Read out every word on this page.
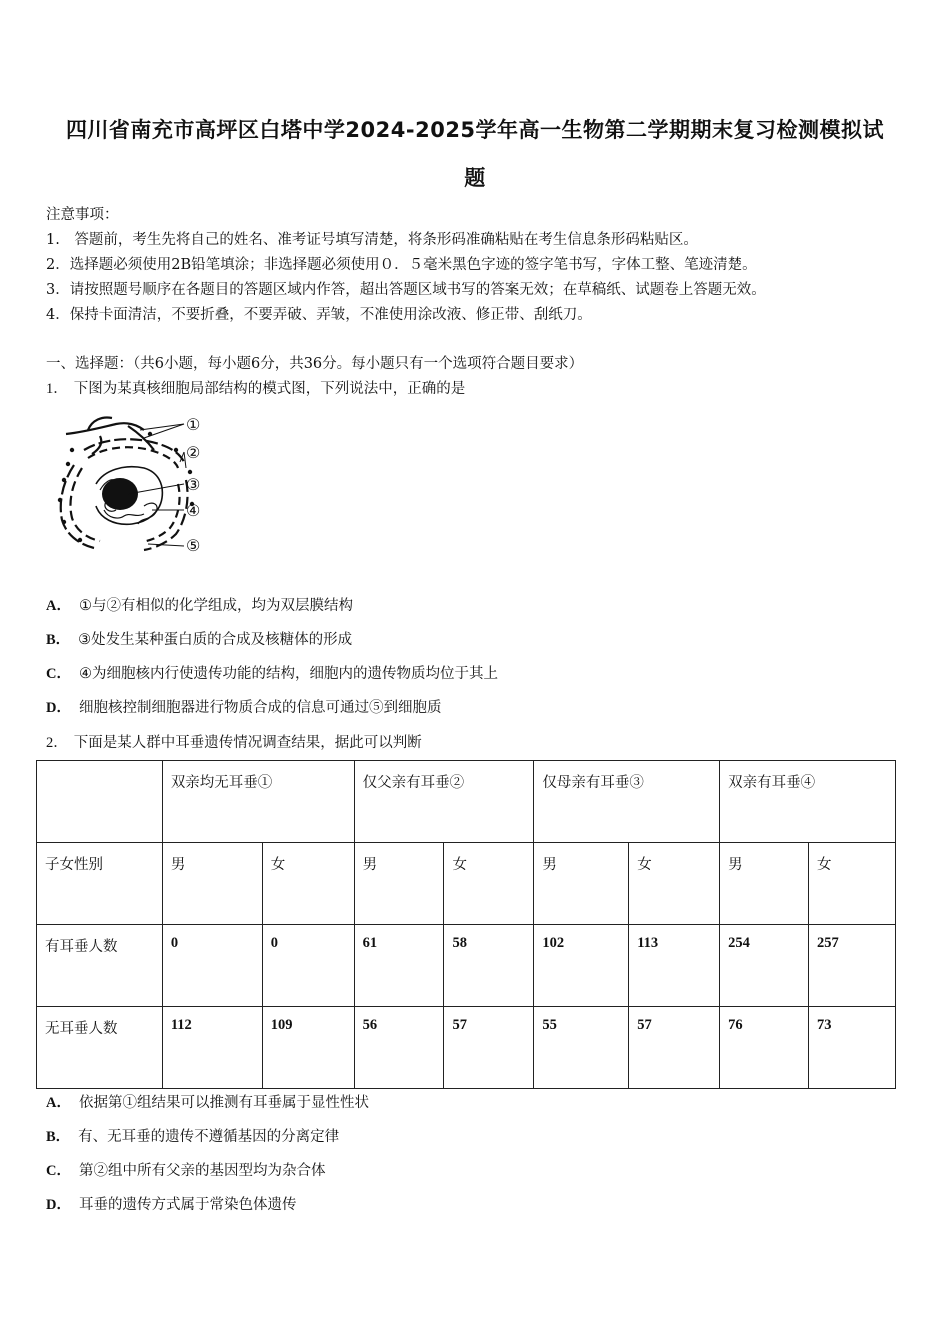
四川省南充市高坪区白塔中学2024-2025学年高一生物第二学期期末复习检测模拟试
题
注意事项：
1.　答题前，考生先将自己的姓名、准考证号填写清楚，将条形码准确粘贴在考生信息条形码粘贴区。
2．选择题必须使用2B铅笔填涂；非选择题必须使用０．５毫米黑色字迹的签字笔书写，字体工整、笔迹清楚。
3．请按照题号顺序在各题目的答题区域内作答，超出答题区域书写的答案无效；在草稿纸、试题卷上答题无效。
4．保持卡面清洁，不要折叠，不要弄破、弄皱，不准使用涂改液、修正带、刮纸刀。
一、选择题：（共6小题，每小题6分，共36分。每小题只有一个选项符合题目要求）
1． 下图为某真核细胞局部结构的模式图，下列说法中，正确的是
①
②
③
④
⑤
A． ①与②有相似的化学组成，均为双层膜结构
B． ③处发生某种蛋白质的合成及核糖体的形成
C． ④为细胞核内行使遗传功能的结构，细胞内的遗传物质均位于其上
D． 细胞核控制细胞器进行物质合成的信息可通过⑤到细胞质
2． 下面是某人群中耳垂遗传情况调查结果，据此可以判断
	双亲均无耳垂①		仅父亲有耳垂②		仅母亲有耳垂③		双亲有耳垂④	
子女性别	男	女	男	女	男	女	男	女
有耳垂人数	0	0	61	58	102	113	254	257
无耳垂人数	112	109	56	57	55	57	76	73
A． 依据第①组结果可以推测有耳垂属于显性性状
B． 有、无耳垂的遗传不遵循基因的分离定律
C． 第②组中所有父亲的基因型均为杂合体
D． 耳垂的遗传方式属于常染色体遗传
